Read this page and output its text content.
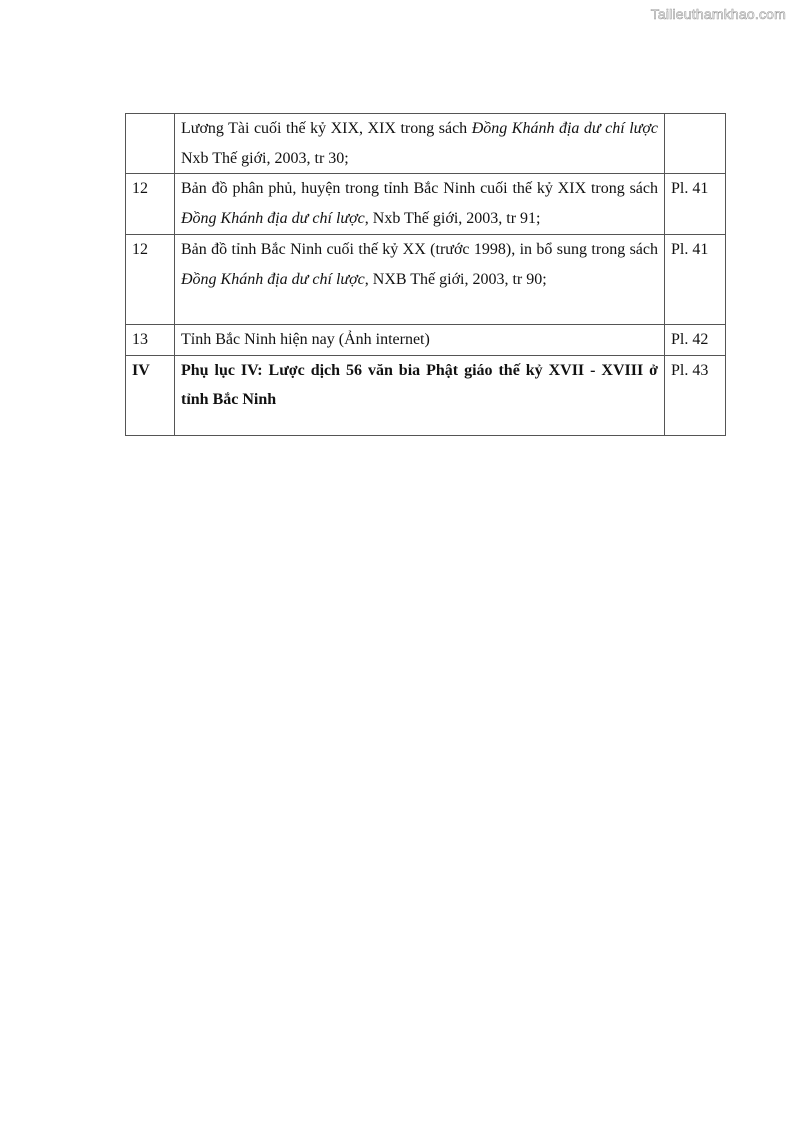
Tailieuthamkhao.com
	Lương Tài cuối thế kỷ XIX, XIX trong sách Đồng Khánh địa dư chí lược Nxb Thế giới, 2003, tr 30;	
12	Bản đồ phân phủ, huyện trong tỉnh Bắc Ninh cuối thế kỷ XIX trong sách Đồng Khánh địa dư chí lược, Nxb Thế giới, 2003, tr 91;	Pl. 41
12	Bản đồ tỉnh Bắc Ninh cuối thế kỷ XX (trước 1998), in bổ sung trong sách Đồng Khánh địa dư chí lược, NXB Thế giới, 2003, tr 90;	Pl. 41
13	Tỉnh Bắc Ninh hiện nay (Ảnh internet)	Pl. 42
IV	Phụ lục IV: Lược dịch 56 văn bia Phật giáo thế kỷ XVII - XVIII ở tỉnh Bắc Ninh	Pl. 43
